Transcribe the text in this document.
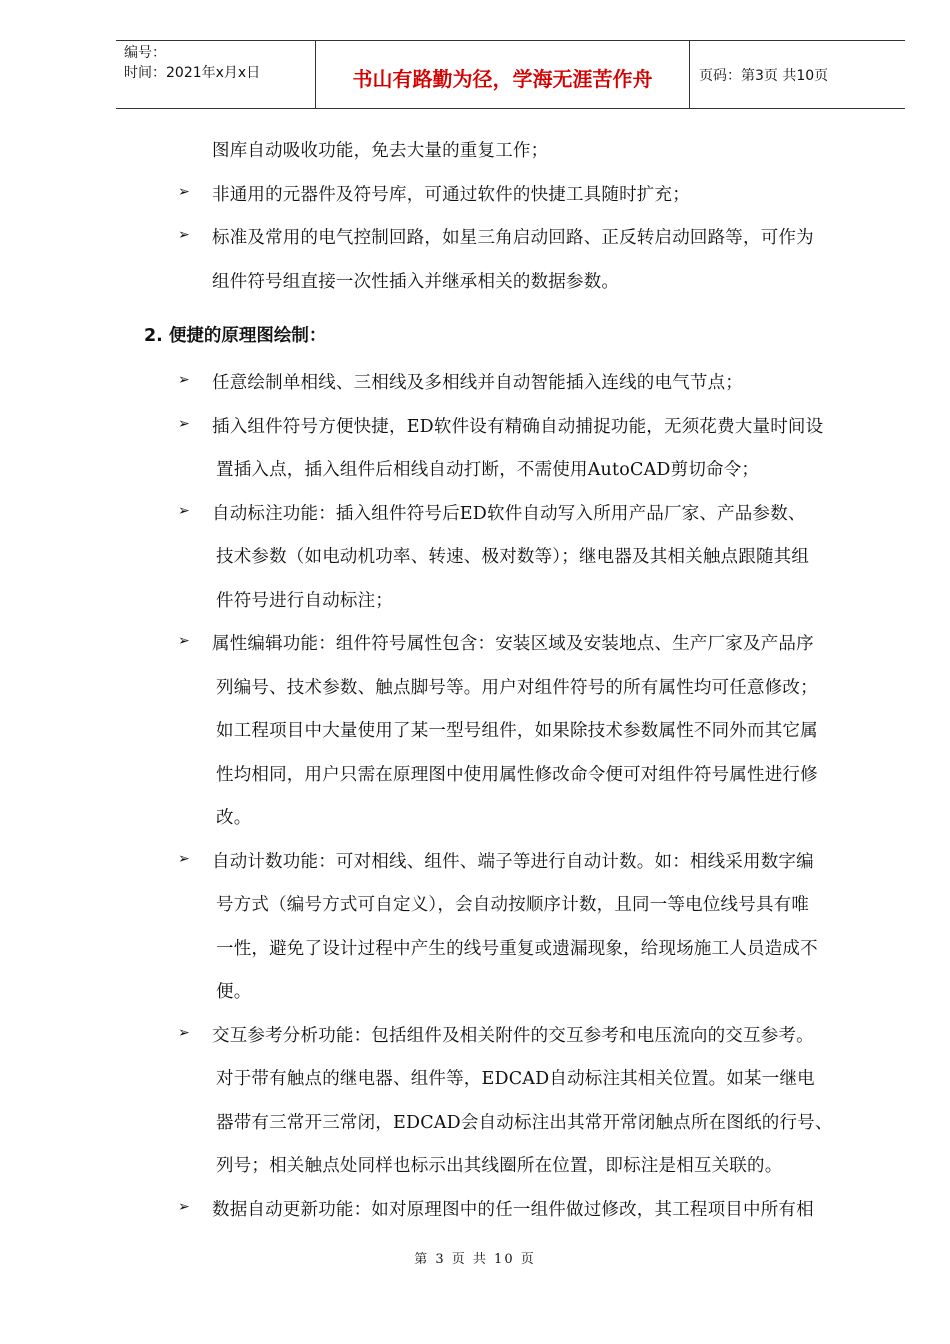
编号：
时间：2021年x月x日	书山有路勤为径，学海无涯苦作舟	页码：第3页 共10页
图库自动吸收功能，免去大量的重复工作；
➢ 非通用的元器件及符号库，可通过软件的快捷工具随时扩充；
➢ 标准及常用的电气控制回路，如星三角启动回路、正反转启动回路等，可作为
组件符号组直接一次性插入并继承相关的数据参数。
2. 便捷的原理图绘制：
➢ 任意绘制单相线、三相线及多相线并自动智能插入连线的电气节点；
➢ 插入组件符号方便快捷，ED软件设有精确自动捕捉功能，无须花费大量时间设
置插入点，插入组件后相线自动打断，不需使用AutoCAD剪切命令；
➢ 自动标注功能：插入组件符号后ED软件自动写入所用产品厂家、产品参数、
技术参数（如电动机功率、转速、极对数等）；继电器及其相关触点跟随其组
件符号进行自动标注；
➢ 属性编辑功能：组件符号属性包含：安装区域及安装地点、生产厂家及产品序
列编号、技术参数、触点脚号等。用户对组件符号的所有属性均可任意修改；
如工程项目中大量使用了某一型号组件，如果除技术参数属性不同外而其它属
性均相同，用户只需在原理图中使用属性修改命令便可对组件符号属性进行修
改。
➢ 自动计数功能：可对相线、组件、端子等进行自动计数。如：相线采用数字编
号方式（编号方式可自定义），会自动按顺序计数，且同一等电位线号具有唯
一性，避免了设计过程中产生的线号重复或遗漏现象，给现场施工人员造成不
便。
➢ 交互参考分析功能：包括组件及相关附件的交互参考和电压流向的交互参考。
对于带有触点的继电器、组件等，EDCAD自动标注其相关位置。如某一继电
器带有三常开三常闭，EDCAD会自动标注出其常开常闭触点所在图纸的行号、
列号；相关触点处同样也标示出其线圈所在位置，即标注是相互关联的。
➢ 数据自动更新功能：如对原理图中的任一组件做过修改，其工程项目中所有相
第 3 页 共 10 页
